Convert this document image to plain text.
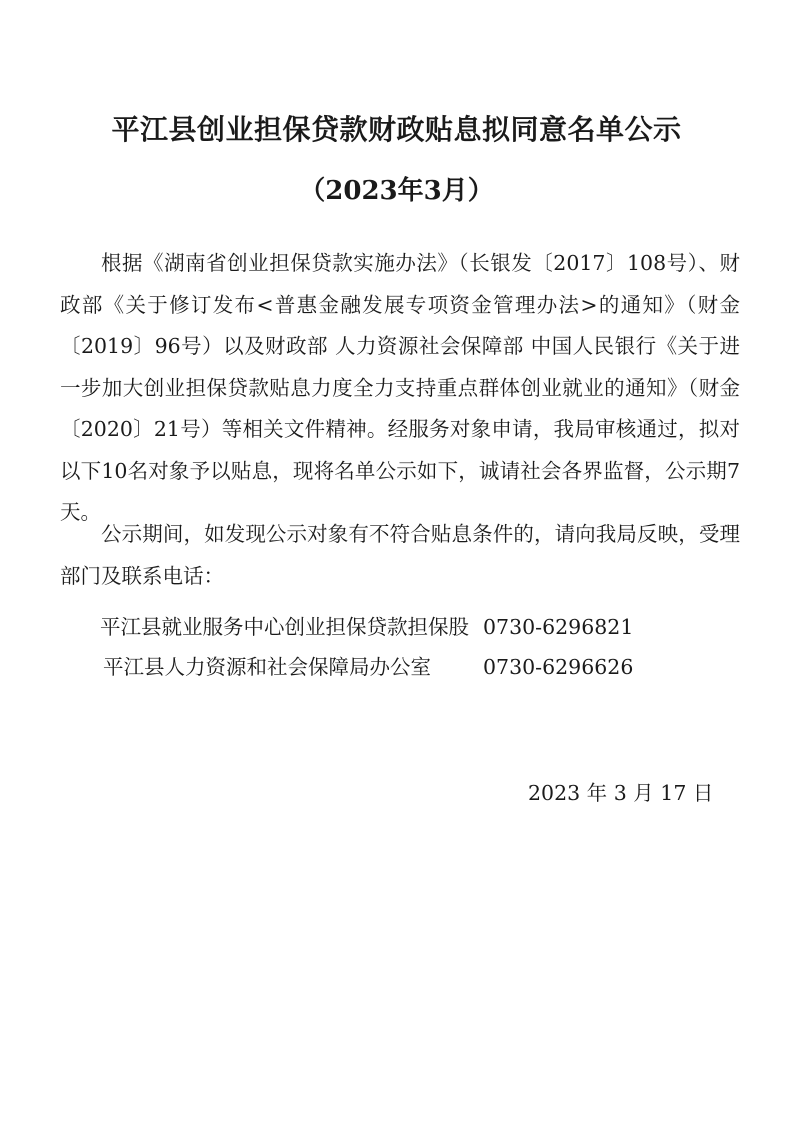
平江县创业担保贷款财政贴息拟同意名单公示
（2023年3月）

根据《湖南省创业担保贷款实施办法》（长银发〔2017〕108号）、财政部《关于修订发布<普惠金融发展专项资金管理办法>的通知》（财金〔2019〕96号）以及财政部 人力资源社会保障部 中国人民银行《关于进一步加大创业担保贷款贴息力度全力支持重点群体创业就业的通知》（财金〔2020〕21号）等相关文件精神。经服务对象申请，我局审核通过，拟对以下10名对象予以贴息，现将名单公示如下，诚请社会各界监督，公示期7天。

公示期间，如发现公示对象有不符合贴息条件的，请向我局反映，受理部门及联系电话：

平江县就业服务中心创业担保贷款担保股 0730-6296821
平江县人力资源和社会保障局办公室	0730-6296626
2023 年 3 月 17 日
